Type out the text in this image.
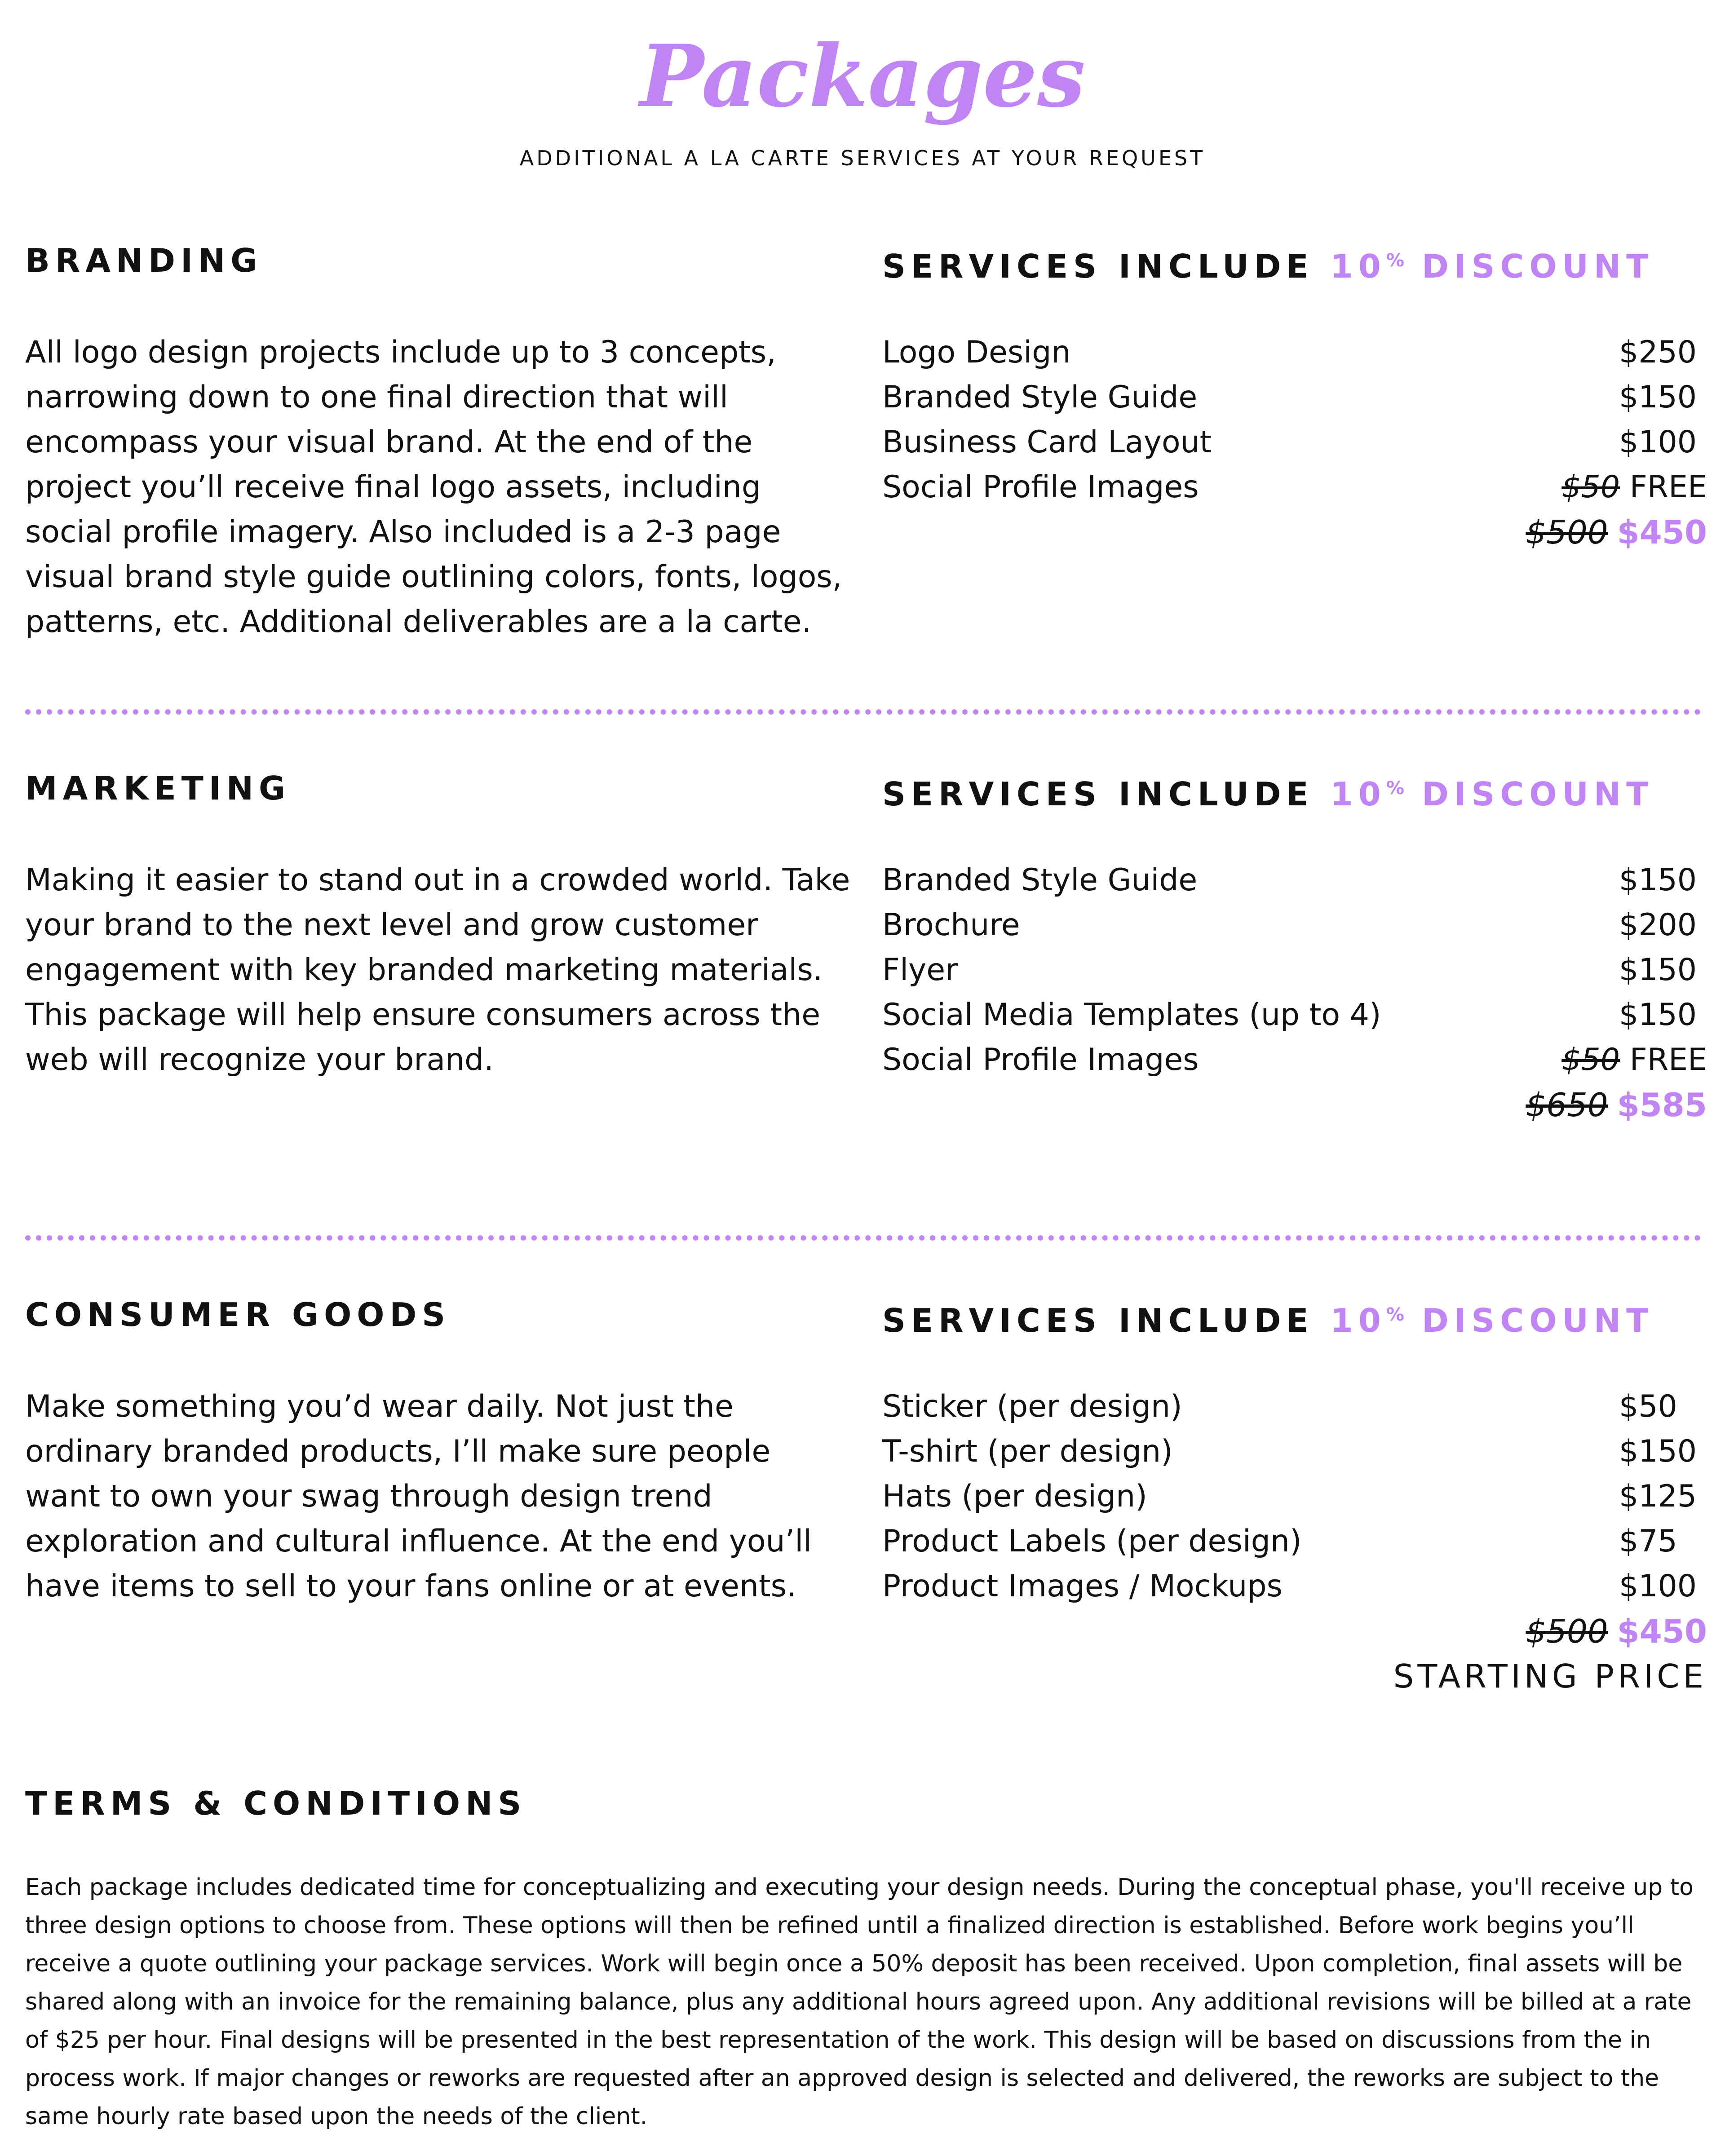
Packages

ADDITIONAL A LA CARTE SERVICES AT YOUR REQUEST

BRANDING	SERVICES INCLUDE 10% DISCOUNT

All logo design projects include up to 3 concepts, narrowing down to one final direction that will encompass your visual brand. At the end of the project you’ll receive final logo assets, including social profile imagery. Also included is a 2-3 page visual brand style guide outlining colors, fonts, logos, patterns, etc. Additional deliverables are a la carte.

Logo Design	$250
Branded Style Guide	$150
Business Card Layout	$100
Social Profile Images	$50 FREE
$500 $450
MARKETING	SERVICES INCLUDE 10% DISCOUNT

Making it easier to stand out in a crowded world. Take your brand to the next level and grow customer engagement with key branded marketing materials. This package will help ensure consumers across the web will recognize your brand.

Branded Style Guide	$150
Brochure	$200
Flyer	$150
Social Media Templates (up to 4)	$150
Social Profile Images	$50 FREE
$650 $585
CONSUMER GOODS	SERVICES INCLUDE 10% DISCOUNT

Make something you’d wear daily. Not just the ordinary branded products, I’ll make sure people want to own your swag through design trend exploration and cultural influence. At the end you’ll have items to sell to your fans online or at events.

Sticker (per design)	$50
T-shirt (per design)	$150
Hats (per design)	$125
Product Labels (per design)	$75
Product Images / Mockups	$100
$500 $450
STARTING PRICE
TERMS & CONDITIONS

Each package includes dedicated time for conceptualizing and executing your design needs. During the conceptual phase, you'll receive up to three design options to choose from. These options will then be refined until a finalized direction is established. Before work begins you’ll receive a quote outlining your package services. Work will begin once a 50% deposit has been received. Upon completion, final assets will be shared along with an invoice for the remaining balance, plus any additional hours agreed upon. Any additional revisions will be billed at a rate of $25 per hour. Final designs will be presented in the best representation of the work. This design will be based on discussions from the in process work. If major changes or reworks are requested after an approved design is selected and delivered, the reworks are subject to the same hourly rate based upon the needs of the client.
